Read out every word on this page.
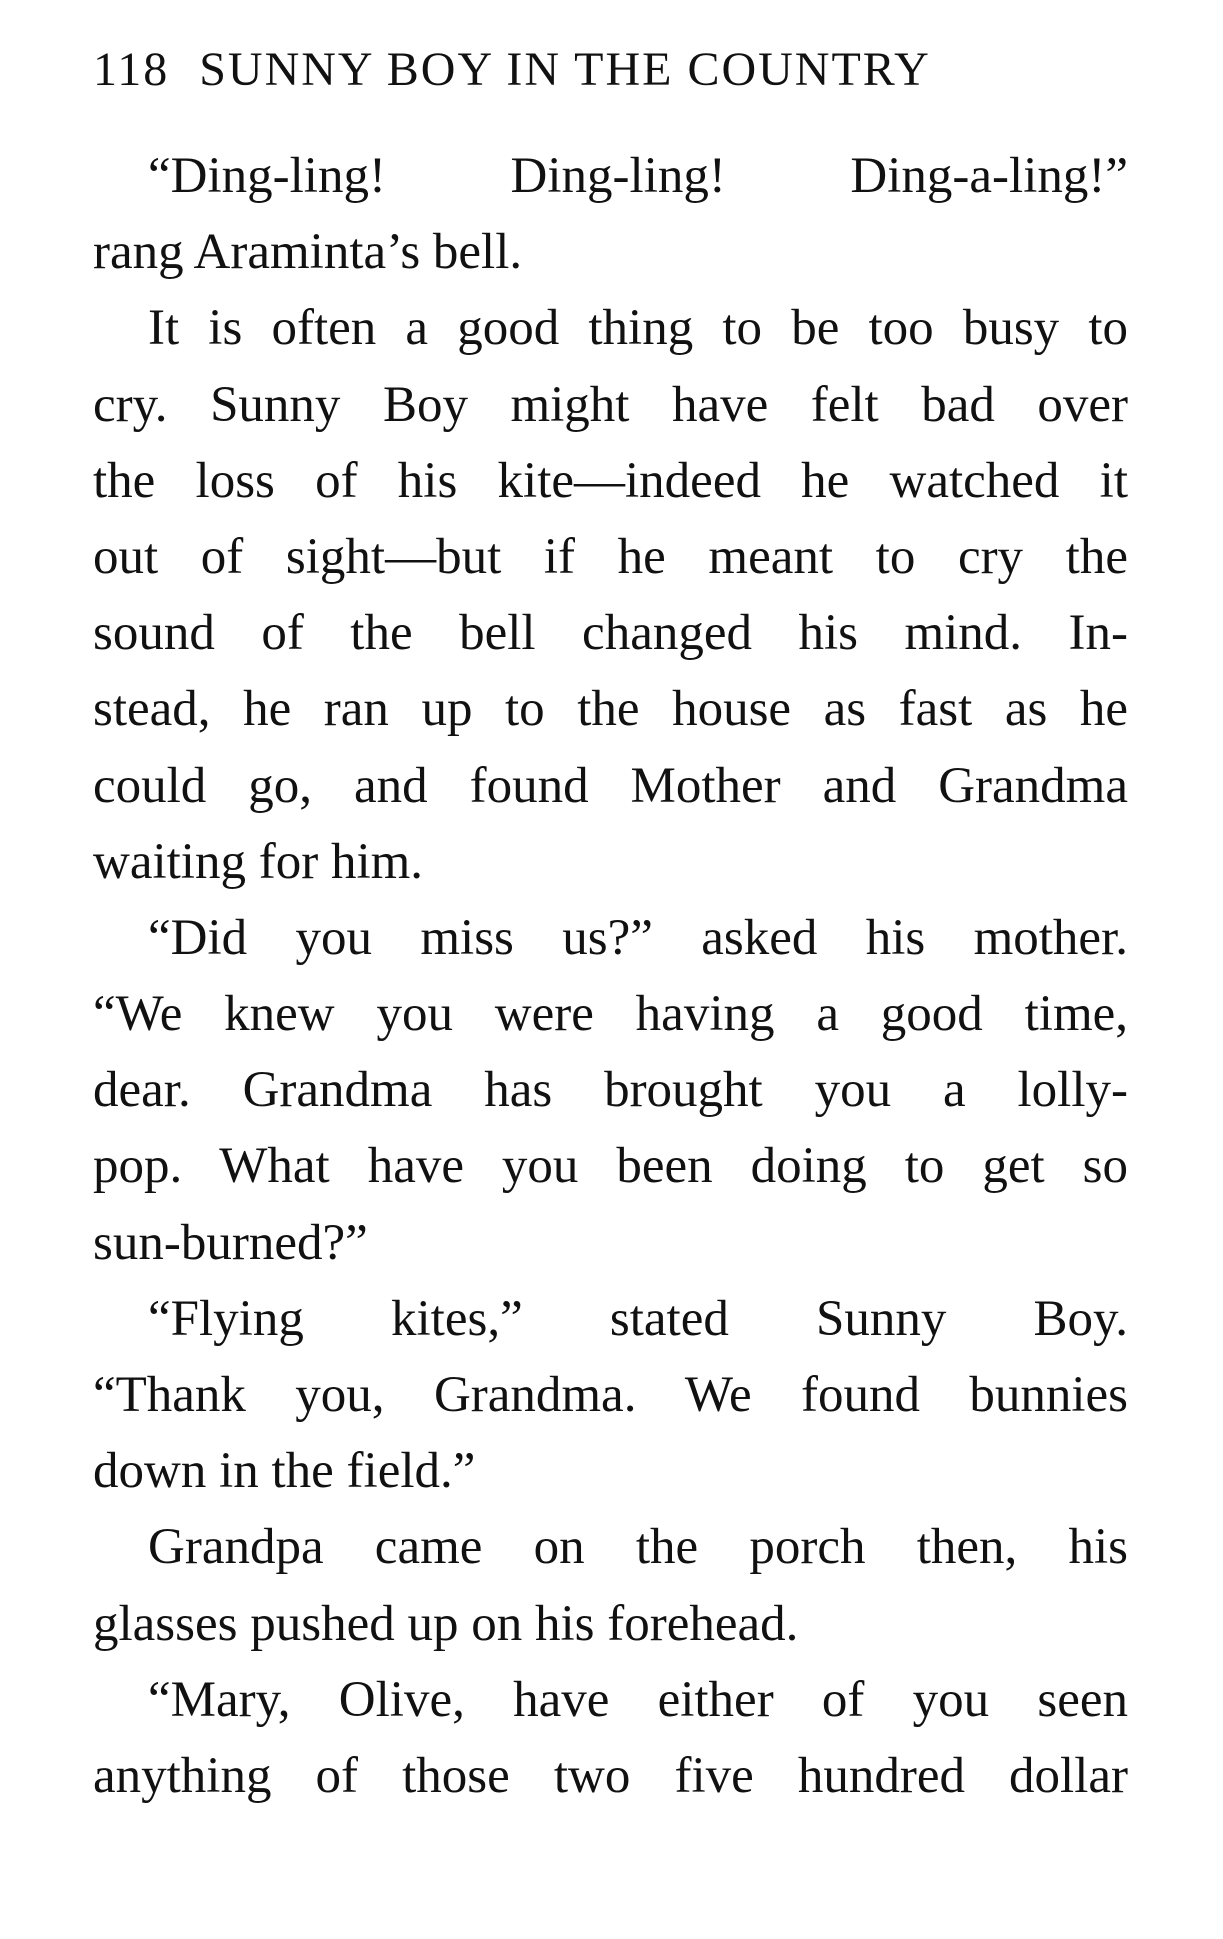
118 SUNNY BOY IN THE COUNTRY
“Ding-ling! Ding-ling! Ding-a-ling!”
rang Araminta’s bell.
It is often a good thing to be too busy to
cry. Sunny Boy might have felt bad over
the loss of his kite—indeed he watched it
out of sight—but if he meant to cry the
sound of the bell changed his mind. In-
stead, he ran up to the house as fast as he
could go, and found Mother and Grandma
waiting for him.
“Did you miss us?” asked his mother.
“We knew you were having a good time,
dear. Grandma has brought you a lolly-
pop. What have you been doing to get so
sun-burned?”
“Flying kites,” stated Sunny Boy.
“Thank you, Grandma. We found bunnies
down in the field.”
Grandpa came on the porch then, his
glasses pushed up on his forehead.
“Mary, Olive, have either of you seen
anything of those two five hundred dollar
